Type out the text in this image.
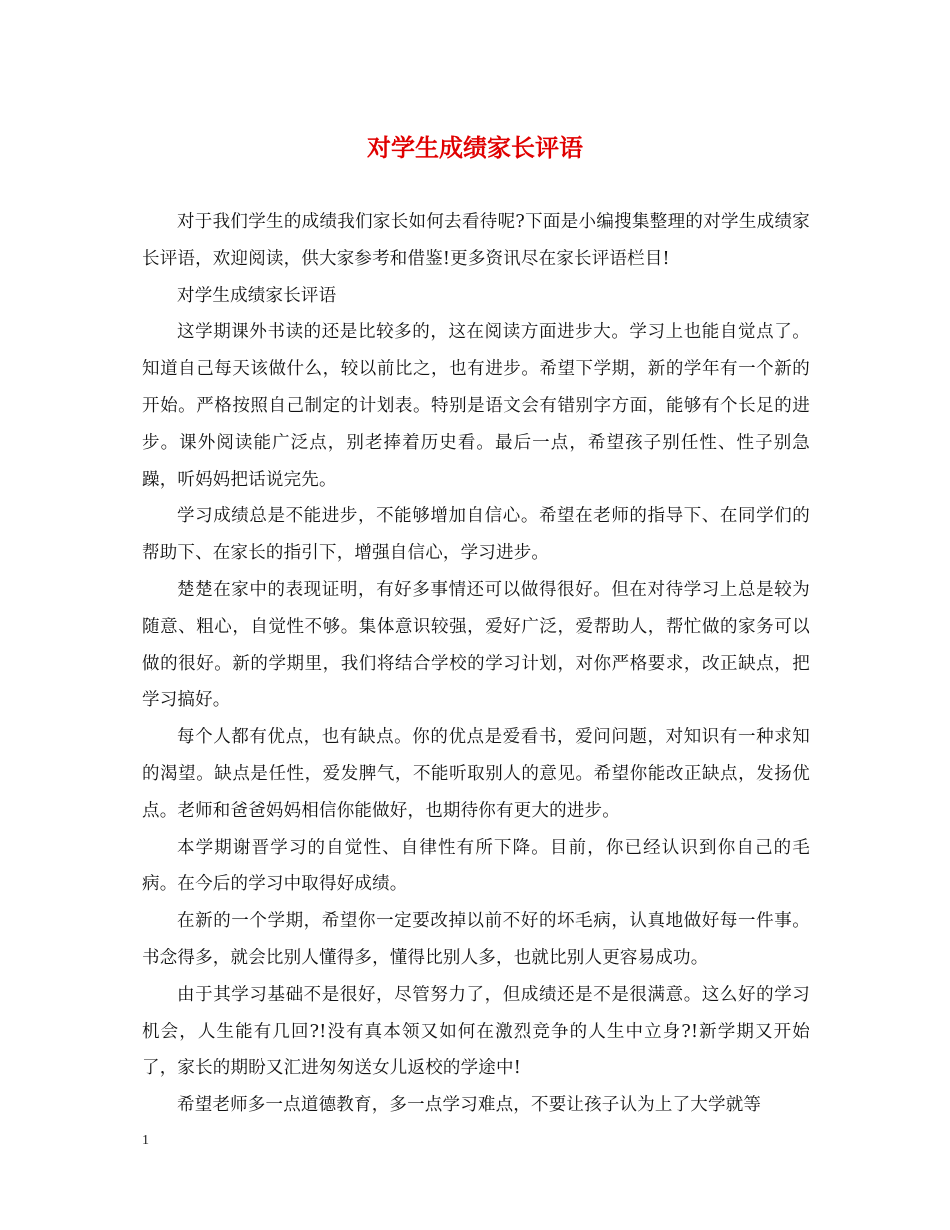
对学生成绩家长评语

对于我们学生的成绩我们家长如何去看待呢?下面是小编搜集整理的对学生成绩家长评语，欢迎阅读，供大家参考和借鉴!更多资讯尽在家长评语栏目!

对学生成绩家长评语

这学期课外书读的还是比较多的，这在阅读方面进步大。学习上也能自觉点了。知道自己每天该做什么，较以前比之，也有进步。希望下学期，新的学年有一个新的开始。严格按照自己制定的计划表。特别是语文会有错别字方面，能够有个长足的进步。课外阅读能广泛点，别老捧着历史看。最后一点，希望孩子别任性、性子别急躁，听妈妈把话说完先。

学习成绩总是不能进步，不能够增加自信心。希望在老师的指导下、在同学们的帮助下、在家长的指引下，增强自信心，学习进步。

楚楚在家中的表现证明，有好多事情还可以做得很好。但在对待学习上总是较为随意、粗心，自觉性不够。集体意识较强，爱好广泛，爱帮助人，帮忙做的家务可以做的很好。新的学期里，我们将结合学校的学习计划，对你严格要求，改正缺点，把学习搞好。

每个人都有优点，也有缺点。你的优点是爱看书，爱问问题，对知识有一种求知的渴望。缺点是任性，爱发脾气，不能听取别人的意见。希望你能改正缺点，发扬优点。老师和爸爸妈妈相信你能做好，也期待你有更大的进步。

本学期谢晋学习的自觉性、自律性有所下降。目前，你已经认识到你自己的毛病。在今后的学习中取得好成绩。

在新的一个学期，希望你一定要改掉以前不好的坏毛病，认真地做好每一件事。书念得多，就会比别人懂得多，懂得比别人多，也就比别人更容易成功。

由于其学习基础不是很好，尽管努力了，但成绩还是不是很满意。这么好的学习机会，人生能有几回?!没有真本领又如何在激烈竞争的人生中立身?!新学期又开始了，家长的期盼又汇进匆匆送女儿返校的学途中!

希望老师多一点道德教育，多一点学习难点，不要让孩子认为上了大学就等

1
